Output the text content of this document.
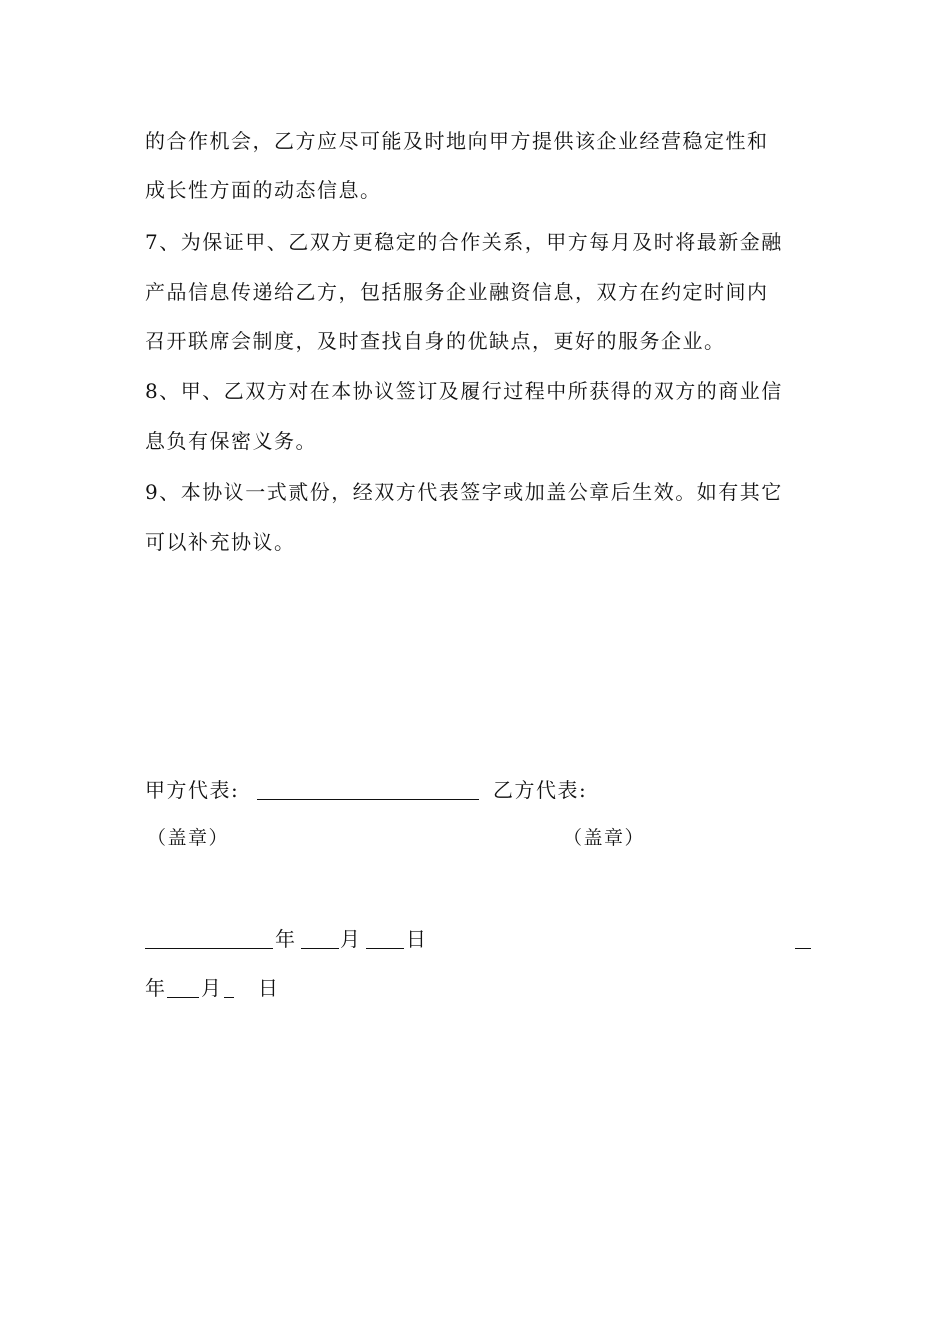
的合作机会，乙方应尽可能及时地向甲方提供该企业经营稳定性和
成长性方面的动态信息。
7、为保证甲、乙双方更稳定的合作关系，甲方每月及时将最新金融
产品信息传递给乙方，包括服务企业融资信息，双方在约定时间内
召开联席会制度，及时查找自身的优缺点，更好的服务企业。
8、甲、乙双方对在本协议签订及履行过程中所获得的双方的商业信
息负有保密义务。
9、本协议一式贰份，经双方代表签字或加盖公章后生效。如有其它
可以补充协议。
甲方代表:	乙方代表:
（盖章）	（盖章）
年 月 日
年 月 日
